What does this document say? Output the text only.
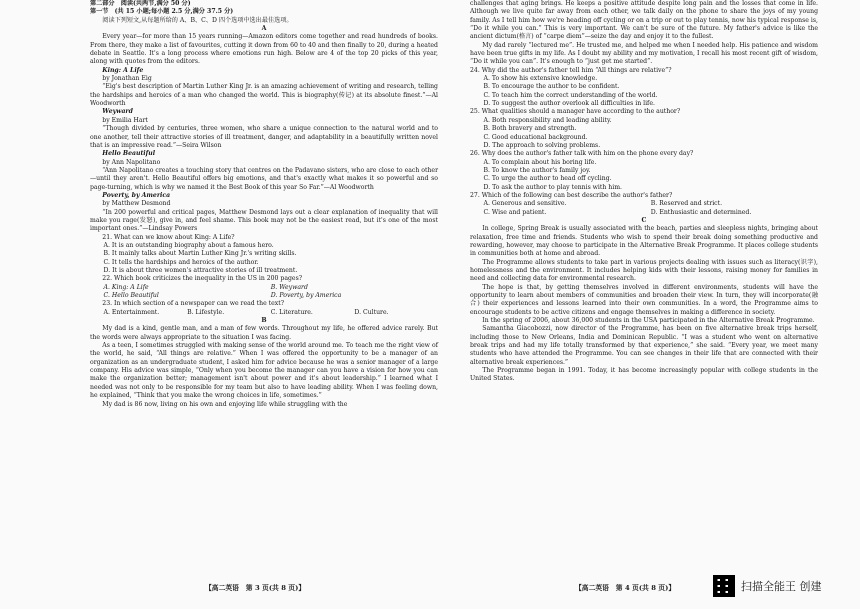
第二部分　阅读(共两节,满分 50 分)

第一节　(共 15 小题;每小题 2.5 分,满分 37.5 分)

阅读下列短文,从每题所给的 A、B、C、D 四个选项中选出最佳选项。

A

Every year—for more than 15 years running—Amazon editors come together and read hundreds of books. From there, they make a list of favourites, cutting it down from 60 to 40 and then finally to 20, during a heated debate in Seattle. It's a long process where emotions run high. Below are 4 of the top 20 picks of this year, along with quotes from the editors.

King: A Life

by Jonathan Eig

“Eig's best description of Martin Luther King Jr. is an amazing achievement of writing and research, telling the hardships and heroics of a man who changed the world. This is biography(传记) at its absolute finest.”—Al Woodworth

Weyward

by Emilia Hart

“Though divided by centuries, three women, who share a unique connection to the natural world and to one another, tell their attractive stories of ill treatment, danger, and adaptability in a beautifully written novel that is an impressive read.”—Seira Wilson

Hello Beautiful

by Ann Napolitano

“Ann Napolitano creates a touching story that centres on the Padavano sisters, who are close to each other—until they aren't. Hello Beautiful offers big emotions, and that's exactly what makes it so powerful and so page-turning, which is why we named it the Best Book of this year So Far.”—Al Woodworth

Poverty, by America

by Matthew Desmond

“In 200 powerful and critical pages, Matthew Desmond lays out a clear explanation of inequality that will make you rage(发怒), give in, and feel shame. This book may not be the easiest read, but it's one of the most important ones.”—Lindsay Powers

21. What can we know about King: A Life?

A. It is an outstanding biography about a famous hero.

B. It mainly talks about Martin Luther King Jr.'s writing skills.

C. It tells the hardships and heroics of the author.

D. It is about three women's attractive stories of ill treatment.

22. Which book criticizes the inequality in the US in 200 pages?

A. King: A Life	B. Weyward
C. Hello Beautiful	D. Poverty, by America

23. In which section of a newspaper can we read the text?

A. Entertainment.	B. Lifestyle.	C. Literature.	D. Culture.

B

My dad is a kind, gentle man, and a man of few words. Throughout my life, he offered advice rarely. But the words were always appropriate to the situation I was facing.

As a teen, I sometimes struggled with making sense of the world around me. To teach me the right view of the world, he said, “All things are relative.” When I was offered the opportunity to be a manager of an organization as an undergraduate student, I asked him for advice because he was a senior manager of a large company. His advice was simple, “Only when you become the manager can you have a vision for how you can make the organization better; management isn't about power and it's about leadership.” I learned what I needed was not only to be responsible for my team but also to have leading ability. When I was feeling down, he explained, “Think that you make the wrong choices in life, sometimes.”

My dad is 86 now, living on his own and enjoying life while struggling with the

【高二英语　第 3 页(共 8 页)】

challenges that aging brings. He keeps a positive attitude despite long pain and the losses that come in life. Although we live quite far away from each other, we talk daily on the phone to share the joys of my young family. As I tell him how we're heading off cycling or on a trip or out to play tennis, now his typical response is, “Do it while you can.” This is very important. We can't be sure of the future. My father's advice is like the ancient dictum(格言) of “carpe diem”—seize the day and enjoy it to the fullest.

My dad rarely “lectured me”. He trusted me, and helped me when I needed help. His patience and wisdom have been true gifts in my life. As I doubt my ability and my motivation, I recall his most recent gift of wisdom, “Do it while you can”. It's enough to “just get me started”.

24. Why did the author's father tell him “All things are relative”?

A. To show his extensive knowledge.

B. To encourage the author to be confident.

C. To teach him the correct understanding of the world.

D. To suggest the author overlook all difficulties in life.

25. What qualities should a manager have according to the author?

A. Both responsibility and leading ability.

B. Both bravery and strength.

C. Good educational background.

D. The approach to solving problems.

26. Why does the author's father talk with him on the phone every day?

A. To complain about his boring life.

B. To know the author's family joy.

C. To urge the author to head off cycling.

D. To ask the author to play tennis with him.

27. Which of the following can best describe the author's father?

A. Generous and sensitive.	B. Reserved and strict.
C. Wise and patient.	D. Enthusiastic and determined.

C

In college, Spring Break is usually associated with the beach, parties and sleepless nights, bringing about relaxation, free time and friends. Students who wish to spend their break doing something productive and rewarding, however, may choose to participate in the Alternative Break Programme. It places college students in communities both at home and abroad.

The Programme allows students to take part in various projects dealing with issues such as literacy(识字), homelessness and the environment. It includes helping kids with their lessons, raising money for families in need and collecting data for environmental research.

The hope is that, by getting themselves involved in different environments, students will have the opportunity to learn about members of communities and broaden their view. In turn, they will incorporate(融合) their experiences and lessons learned into their own communities. In a word, the Programme aims to encourage students to be active citizens and engage themselves in making a difference in society.

In the spring of 2006, about 36,000 students in the USA participated in the Alternative Break Programme.

Samantha Giacobozzi, now director of the Programme, has been on five alternative break trips herself, including those to New Orleans, India and Dominican Republic. “I was a student who went on alternative break trips and had my life totally transformed by that experience,” she said. “Every year, we meet many students who have attended the Programme. You can see changes in their life that are connected with their alternative break experiences.”

The Programme began in 1991. Today, it has become increasingly popular with college students in the United States.

【高二英语　第 4 页(共 8 页)】	扫描全能王 创建
